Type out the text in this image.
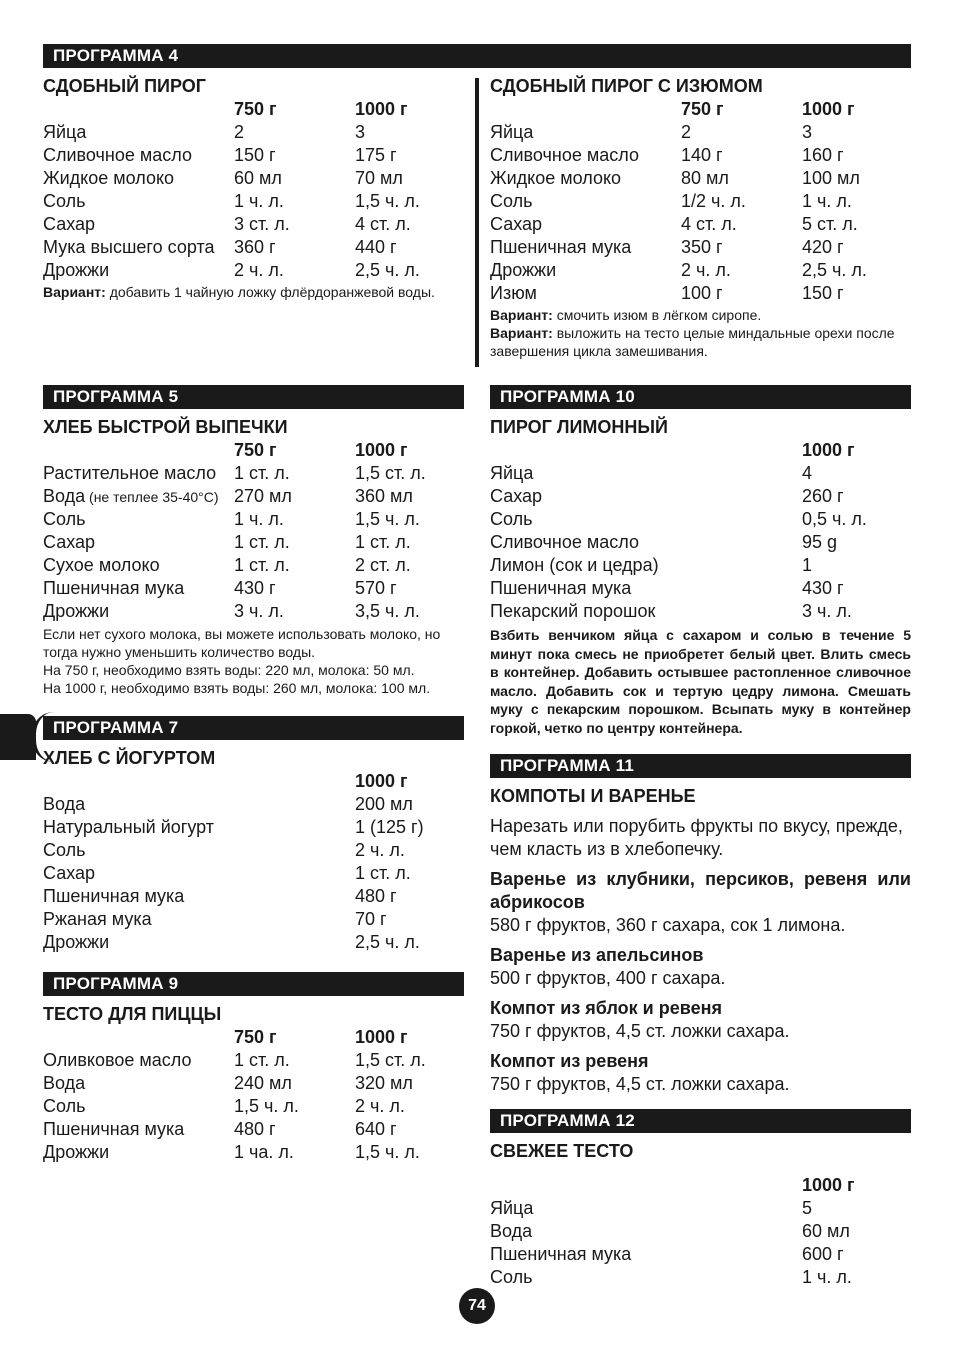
ПРОГРАММА 4
СДОБНЫЙ ПИРОГ
750 г	1000 г
Яйца	2	3
Сливочное масло 150 г	175 г
Жидкое молоко	60 мл	70 мл
Соль	1 ч. л.	1,5 ч. л.
Сахар	3 ст. л.	4 ст. л.
Мука высшего сорта 360 г	440 г
Дрожжи	2 ч. л.	2,5 ч. л.
Вариант: добавить 1 чайную ложку флёрдоранжевой воды.
СДОБНЫЙ ПИРОГ С ИЗЮМОМ
750 г	1000 г
Яйца	2	3
Сливочное масло 140 г	160 г
Жидкое молоко	80 мл	100 мл
Соль	1/2 ч. л.	1 ч. л.
Сахар	4 ст. л.	5 ст. л.
Пшеничная мука	350 г	420 г
Дрожжи	2 ч. л.	2,5 ч. л.
Изюм	100 г	150 г
Вариант: смочить изюм в лёгком сиропе.
Вариант: выложить на тесто целые миндальные орехи после завершения цикла замешивания.
ПРОГРАММА 5
ХЛЕБ БЫСТРОЙ ВЫПЕЧКИ
750 г	1000 г
Растительное масло 1 ст. л.	1,5 ст. л.
Вода (не теплее 35-40°C) 270 мл	360 мл
Соль	1 ч. л.	1,5 ч. л.
Сахар	1 ст. л.	1 ст. л.
Сухое молоко	1 ст. л.	2 ст. л.
Пшеничная мука	430 г	570 г
Дрожжи	3 ч. л.	3,5 ч. л.
Если нет сухого молока, вы можете использовать молоко, но тогда нужно уменьшить количество воды.
На 750 г, необходимо взять воды: 220 мл, молока: 50 мл.
На 1000 г, необходимо взять воды: 260 мл, молока: 100 мл.
ПРОГРАММА 7
ХЛЕБ С ЙОГУРТОМ
1000 г
Вода	200 мл
Натуральный йогурт	1 (125 г)
Соль	2 ч. л.
Сахар	1 ст. л.
Пшеничная мука	480 г
Ржаная мука	70 г
Дрожжи	2,5 ч. л.
ПРОГРАММА 9
ТЕСТО ДЛЯ ПИЦЦЫ
750 г	1000 г
Оливковое масло 1 ст. л.	1,5 ст. л.
Вода	240 мл	320 мл
Соль	1,5 ч. л.	2 ч. л.
Пшеничная мука	480 г	640 г
Дрожжи	1 ча. л.	1,5 ч. л.
ПРОГРАММА 10
ПИРОГ ЛИМОННЫЙ
1000 г
Яйца	4
Сахар	260 г
Соль	0,5 ч. л.
Сливочное масло	95 g
Лимон (сок и цедра)	1
Пшеничная мука	430 г
Пекарский порошок	3 ч. л.
Взбить венчиком яйца с сахаром и солью в течение 5 минут пока смесь не приобретет белый цвет. Влить смесь в контейнер. Добавить остывшее растопленное сливочное масло. Добавить сок и тертую цедру лимона. Смешать муку с пекарским порошком. Всыпать муку в контейнер горкой, четко по центру контейнера.
ПРОГРАММА 11
КОМПОТЫ И ВАРЕНЬЕ
Нарезать или порубить фрукты по вкусу, прежде, чем класть из в хлебопечку.
Варенье из клубники, персиков, ревеня или абрикосов
580 г фруктов, 360 г сахара, сок 1 лимона.
Варенье из апельсинов
500 г фруктов, 400 г сахара.
Компот из яблок и ревеня
750 г фруктов, 4,5 ст. ложки сахара.
Компот из ревеня
750 г фруктов, 4,5 ст. ложки сахара.
ПРОГРАММА 12
СВЕЖЕЕ ТЕСТО
1000 г
Яйца	5
Вода	60 мл
Пшеничная мука	600 г
Соль	1 ч. л.
74
